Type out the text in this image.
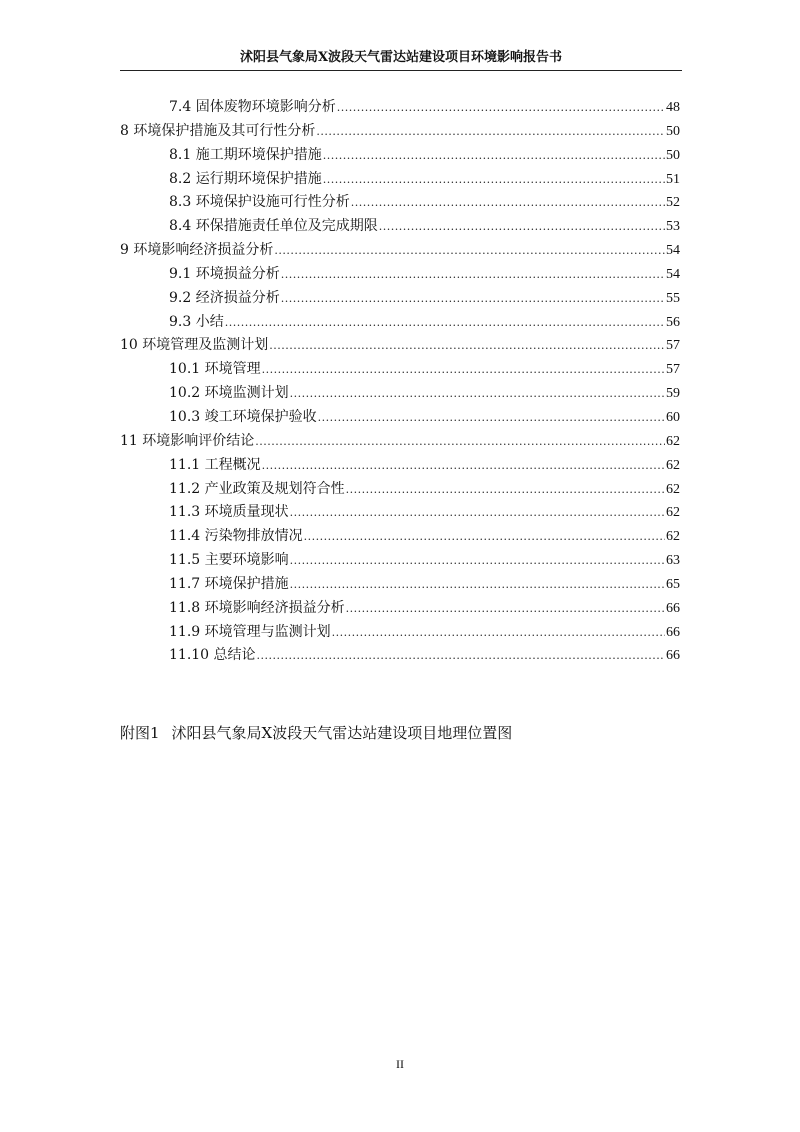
沭阳县气象局X波段天气雷达站建设项目环境影响报告书
7.4 固体废物环境影响分析 .....	48
8 环境保护措施及其可行性分析 .....	50
8.1 施工期环境保护措施 .....	50
8.2 运行期环境保护措施 .....	51
8.3 环境保护设施可行性分析 .....	52
8.4 环保措施责任单位及完成期限 .....	53
9 环境影响经济损益分析 .....	54
9.1 环境损益分析 .....	54
9.2 经济损益分析 .....	55
9.3 小结 .....	56
10 环境管理及监测计划 .....	57
10.1 环境管理 .....	57
10.2 环境监测计划 .....	59
10.3 竣工环境保护验收 .....	60
11 环境影响评价结论 .....	62
11.1 工程概况 .....	62
11.2 产业政策及规划符合性 .....	62
11.3 环境质量现状 .....	62
11.4 污染物排放情况 .....	62
11.5 主要环境影响 .....	63
11.7 环境保护措施 .....	65
11.8 环境影响经济损益分析 .....	66
11.9 环境管理与监测计划 .....	66
11.10 总结论 .....	66
附图1 沭阳县气象局X波段天气雷达站建设项目地理位置图
II
